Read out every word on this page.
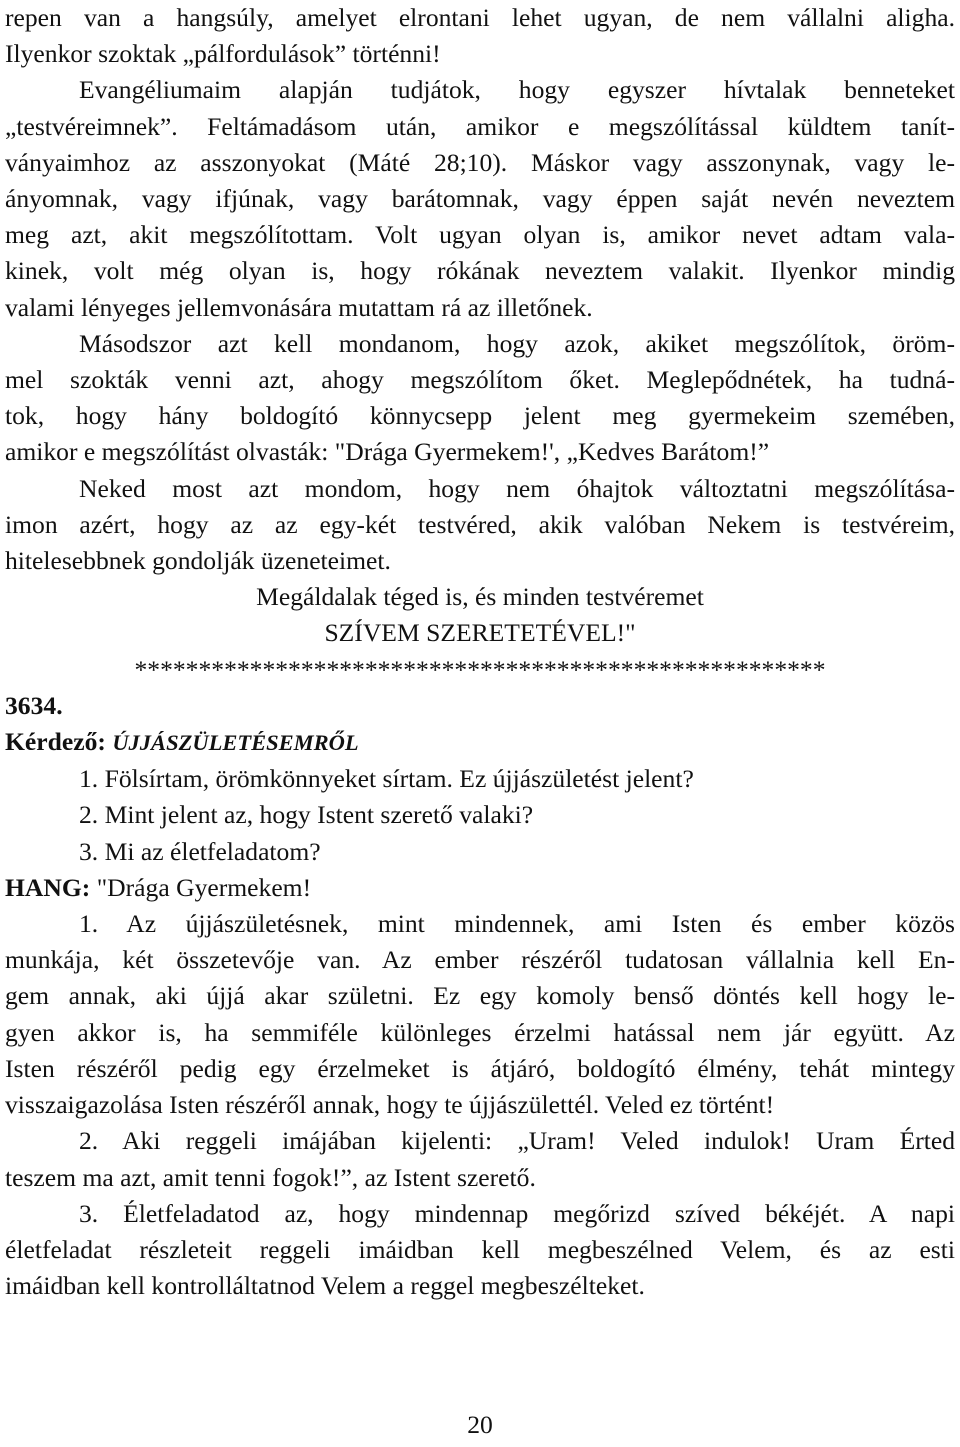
repen van a hangsúly, amelyet elrontani lehet ugyan, de nem vállalni aligha.
Ilyenkor szoktak „pálfordulások” történni!
Evangéliumaim alapján tudjátok, hogy egyszer hívtalak benneteket
„testvéreimnek”. Feltámadásom után, amikor e megszólítással küldtem tanít-
ványaimhoz az asszonyokat (Máté 28;10). Máskor vagy asszonynak, vagy le-
ányomnak, vagy ifjúnak, vagy barátomnak, vagy éppen saját nevén neveztem
meg azt, akit megszólítottam. Volt ugyan olyan is, amikor nevet adtam vala-
kinek, volt még olyan is, hogy rókának neveztem valakit. Ilyenkor mindig
valami lényeges jellemvonására mutattam rá az illetőnek.
Másodszor azt kell mondanom, hogy azok, akiket megszólítok, öröm-
mel szokták venni azt, ahogy megszólítom őket. Meglepődnétek, ha tudná-
tok, hogy hány boldogító könnycsepp jelent meg gyermekeim szemében,
amikor e megszólítást olvasták: "Drága Gyermekem!', „Kedves Barátom!”
Neked most azt mondom, hogy nem óhajtok változtatni megszólítása-
imon azért, hogy az az egy-két testvéred, akik valóban Nekem is testvéreim,
hitelesebbnek gondolják üzeneteimet.
Megáldalak téged is, és minden testvéremet
SZÍVEM SZERETETÉVEL!"
******************************************************
3634.
Kérdező: ÚJJÁSZÜLETÉSEMRŐL
1. Fölsírtam, örömkönnyeket sírtam. Ez újjászületést jelent?
2. Mint jelent az, hogy Istent szerető valaki?
3. Mi az életfeladatom?
HANG: "Drága Gyermekem!
1. Az újjászületésnek, mint mindennek, ami Isten és ember közös
munkája, két összetevője van. Az ember részéről tudatosan vállalnia kell En-
gem annak, aki újjá akar születni. Ez egy komoly benső döntés kell hogy le-
gyen akkor is, ha semmiféle különleges érzelmi hatással nem jár együtt. Az
Isten részéről pedig egy érzelmeket is átjáró, boldogító élmény, tehát mintegy
visszaigazolása Isten részéről annak, hogy te újjászülettél. Veled ez történt!
2. Aki reggeli imájában kijelenti: „Uram! Veled indulok! Uram Érted
teszem ma azt, amit tenni fogok!”, az Istent szerető.
3. Életfeladatod az, hogy mindennap megőrizd szíved békéjét. A napi
életfeladat részleteit reggeli imáidban kell megbeszélned Velem, és az esti
imáidban kell kontrolláltatnod Velem a reggel megbeszélteket.
20
